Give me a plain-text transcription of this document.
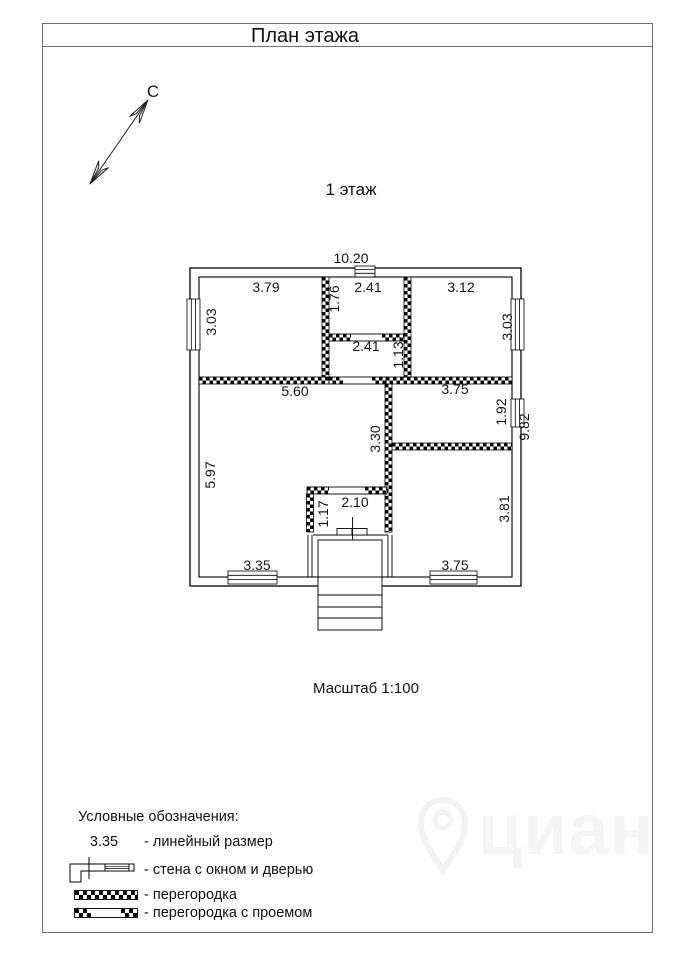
План этажа
1 этаж
Масштаб 1:100
С
10.20
3.79	2.41	3.12
1.76
3.03	3.03
2.41 1.13
5.60	3.75
1.92
9.82
3.30
5.97
2.10
1.17	3.81
3.35	3.75
Условные обозначения:
3.35	- линейный размер
- стена с окном и дверью
- перегородка
- перегородка с проемом
циан
